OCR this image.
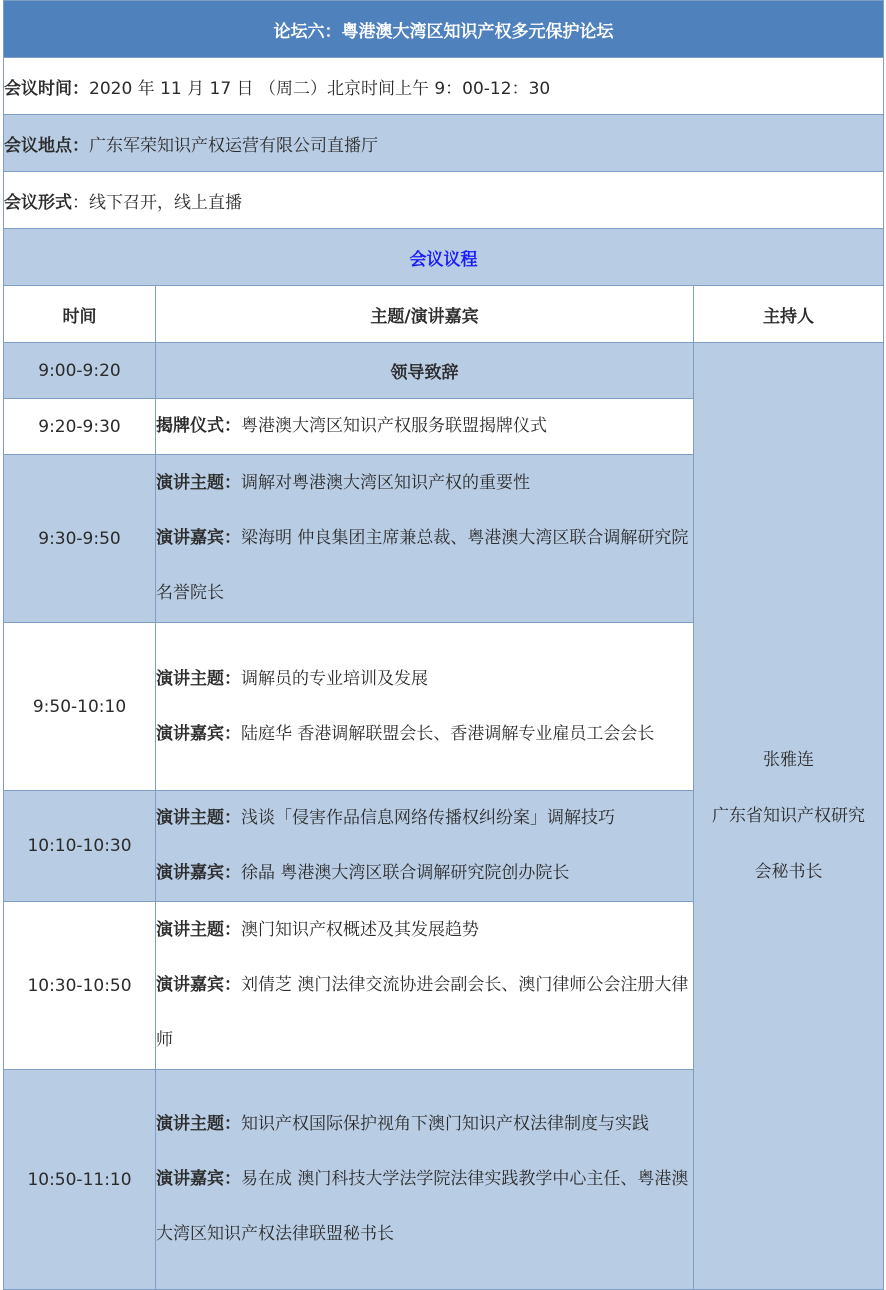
论坛六：粤港澳大湾区知识产权多元保护论坛		
会议时间：2020 年 11 月 17 日 （周二）北京时间上午 9：00-12：30		
会议地点：广东军荣知识产权运营有限公司直播厅		
会议形式：线下召开，线上直播		
会议议程		
时间	主题/演讲嘉宾	主持人
9:00-9:20	领导致辞	张雅连
广东省知识产权研究
会秘书长

9:20-9:30	揭牌仪式：粤港澳大湾区知识产权服务联盟揭牌仪式	
9:30-9:50	演讲主题：调解对粤港澳大湾区知识产权的重要性
演讲嘉宾：梁海明 仲良集团主席兼总裁、粤港澳大湾区联合调解研究院名誉院长	

9:50-10:10	演讲主题：调解员的专业培训及发展
演讲嘉宾：陆庭华 香港调解联盟会长、香港调解专业雇员工会会长	

10:10-10:30	演讲主题：浅谈「侵害作品信息网络传播权纠纷案」调解技巧
演讲嘉宾：徐晶 粤港澳大湾区联合调解研究院创办院长	

10:30-10:50	演讲主题：澳门知识产权概述及其发展趋势
演讲嘉宾：刘倩芝 澳门法律交流协进会副会长、澳门律师公会注册大律师	

10:50-11:10	演讲主题：知识产权国际保护视角下澳门知识产权法律制度与实践
演讲嘉宾：易在成 澳门科技大学法学院法律实践教学中心主任、粤港澳大湾区知识产权法律联盟秘书长	
